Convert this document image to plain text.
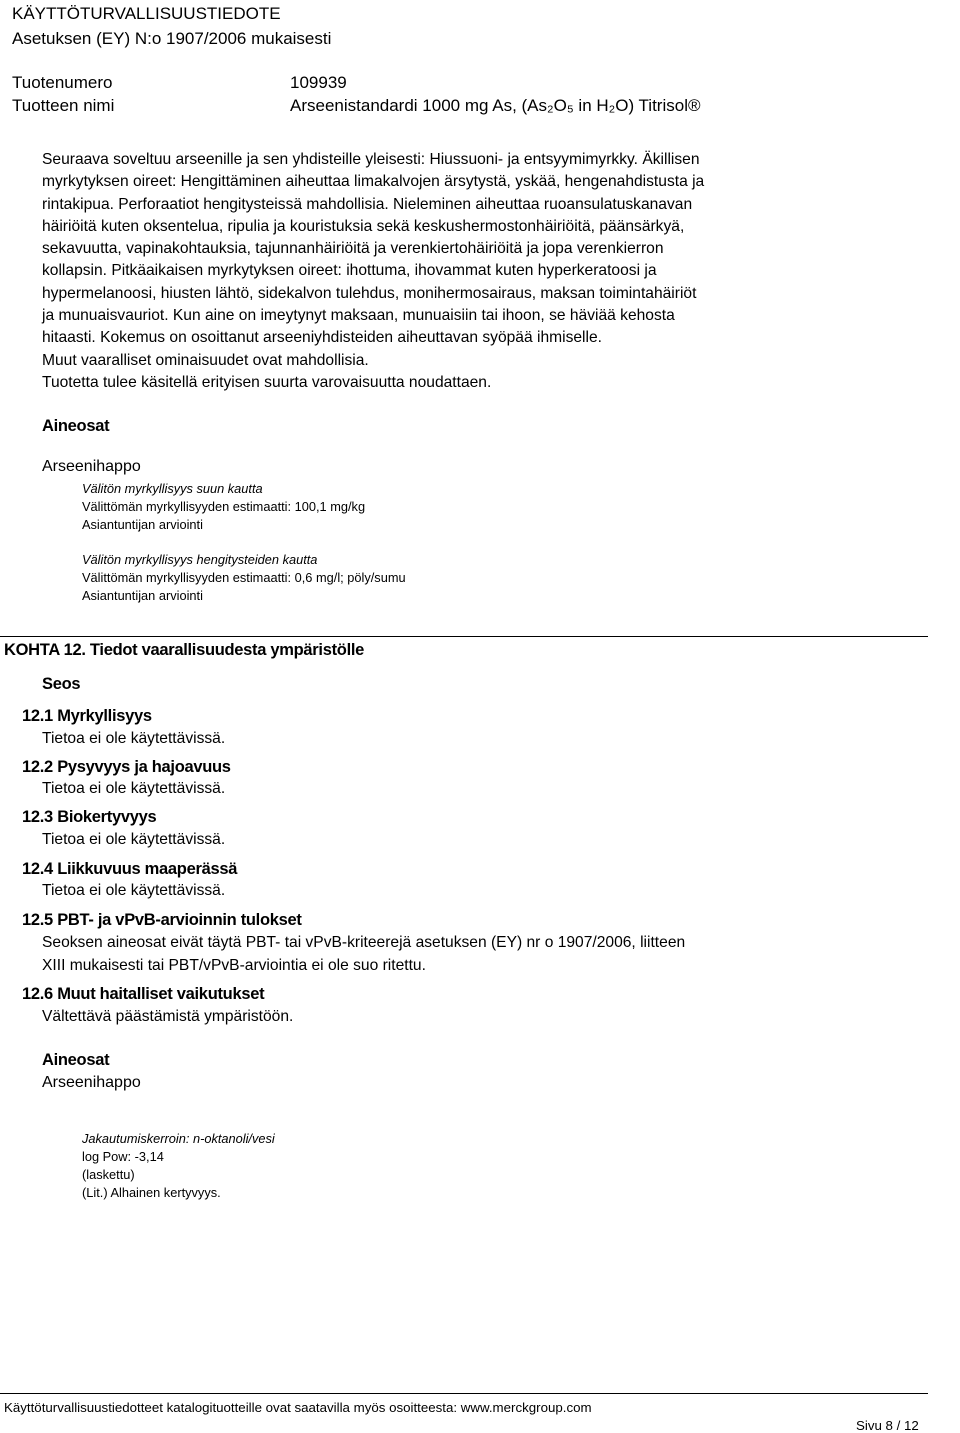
KÄYTTÖTURVALLISUUSTIEDOTE
Asetuksen (EY) N:o 1907/2006 mukaisesti
Tuotenumero	109939
Tuotteen nimi	Arseenistandardi 1000 mg As, (As₂O₅ in H₂O) Titrisol®

Seuraava soveltuu arseenille ja sen yhdisteille yleisesti: Hiussuoni- ja entsyymimyrkky. Äkillisen
myrkytyksen oireet: Hengittäminen aiheuttaa limakalvojen ärsytystä, yskää, hengenahdistusta ja
rintakipua. Perforaatiot hengitysteissä mahdollisia. Nieleminen aiheuttaa ruoansulatuskanavan
häiriöitä kuten oksentelua, ripulia ja kouristuksia sekä keskushermostonhäiriöitä, päänsärkyä,
sekavuutta, vapinakohtauksia, tajunnanhäiriöitä ja verenkiertohäiriöitä ja jopa verenkierron
kollapsin. Pitkäaikaisen myrkytyksen oireet: ihottuma, ihovammat kuten hyperkeratoosi ja
hypermelanoosi, hiusten lähtö, sidekalvon tulehdus, monihermosairaus, maksan toimintahäiriöt
ja munuaisvauriot. Kun aine on imeytynyt maksaan, munuaisiin tai ihoon, se häviää kehosta
hitaasti. Kokemus on osoittanut arseeniyhdisteiden aiheuttavan syöpää ihmiselle.
Muut vaaralliset ominaisuudet ovat mahdollisia.
Tuotetta tulee käsitellä erityisen suurta varovaisuutta noudattaen.

Aineosat
Arseenihappo
Välitön myrkyllisyys suun kautta
Välittömän myrkyllisyyden estimaatti: 100,1 mg/kg
Asiantuntijan arviointi
Välitön myrkyllisyys hengitysteiden kautta
Välittömän myrkyllisyyden estimaatti: 0,6 mg/l; pöly/sumu
Asiantuntijan arviointi
KOHTA 12. Tiedot vaarallisuudesta ympäristölle
Seos
12.1 Myrkyllisyys
Tietoa ei ole käytettävissä.
12.2 Pysyvyys ja hajoavuus
Tietoa ei ole käytettävissä.
12.3 Biokertyvyys
Tietoa ei ole käytettävissä.
12.4 Liikkuvuus maaperässä
Tietoa ei ole käytettävissä.
12.5 PBT- ja vPvB-arvioinnin tulokset
Seoksen aineosat eivät täytä PBT- tai vPvB-kriteerejä asetuksen (EY) nr o 1907/2006, liitteen
XIII mukaisesti tai PBT/vPvB-arviointia ei ole suo ritettu.
12.6 Muut haitalliset vaikutukset
Vältettävä päästämistä ympäristöön.
Aineosat
Arseenihappo
Jakautumiskerroin: n-oktanoli/vesi
log Pow: -3,14
(laskettu)
(Lit.) Alhainen kertyvyys.
Käyttöturvallisuustiedotteet katalogituotteille ovat saatavilla myös osoitteesta: www.merckgroup.com
Sivu 8 / 12
